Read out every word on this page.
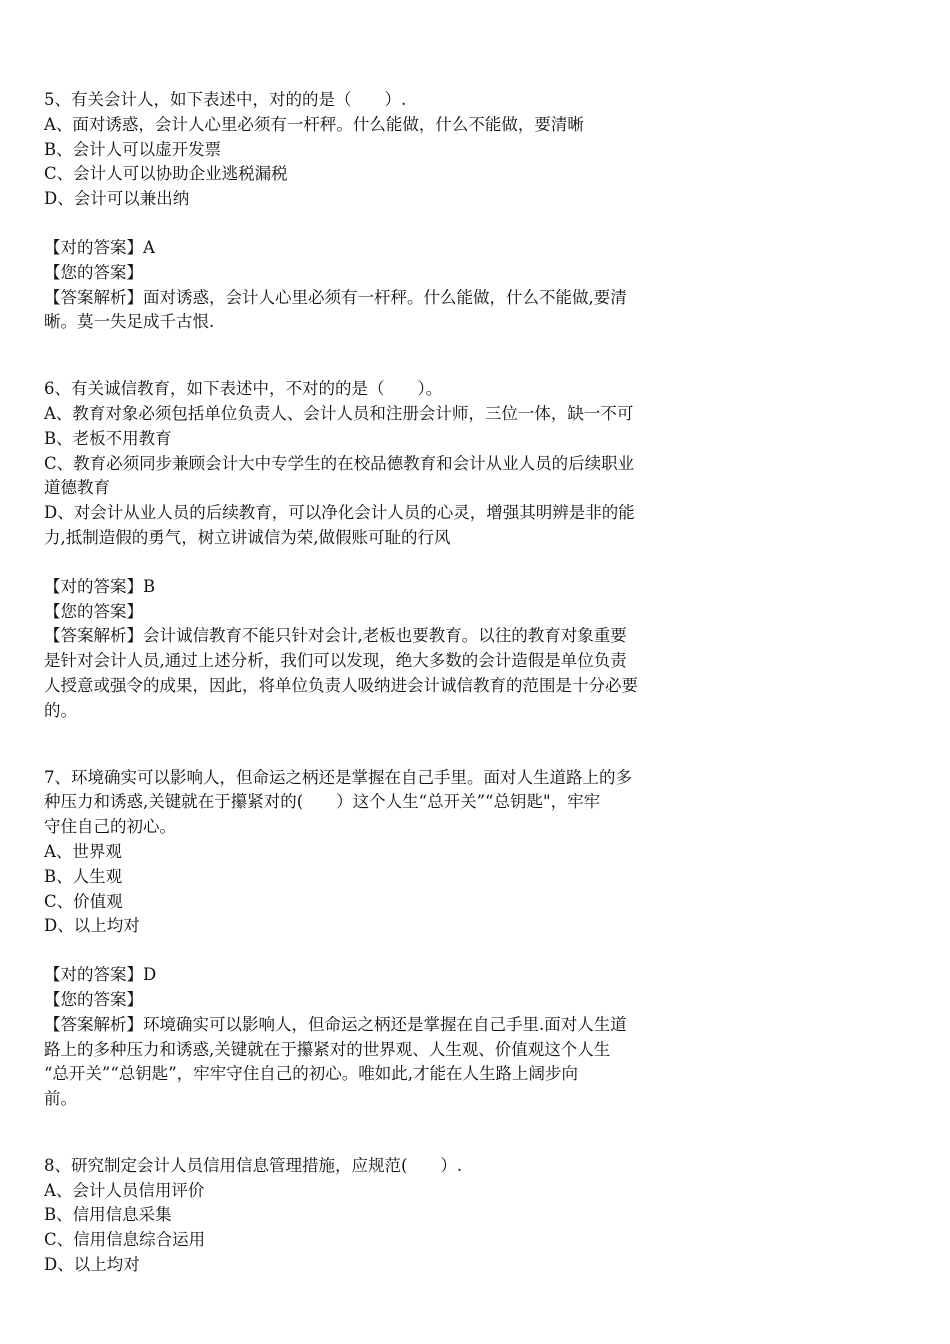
5、有关会计人，如下表述中，对的的是（　　）.

A、面对诱惑，会计人心里必须有一杆秤。什么能做，什么不能做，要清晰

B、会计人可以虚开发票

C、会计人可以协助企业逃税漏税

D、会计可以兼出纳

【对的答案】A

【您的答案】

【答案解析】面对诱惑，会计人心里必须有一杆秤。什么能做，什么不能做,要清

晰。莫一失足成千古恨.

6、有关诚信教育，如下表述中，不对的的是（　　）。

A、教育对象必须包括单位负责人、会计人员和注册会计师，三位一体，缺一不可

B、老板不用教育

C、教育必须同步兼顾会计大中专学生的在校品德教育和会计从业人员的后续职业

道德教育

D、对会计从业人员的后续教育，可以净化会计人员的心灵，增强其明辨是非的能

力,抵制造假的勇气，树立讲诚信为荣,做假账可耻的行风

【对的答案】B

【您的答案】

【答案解析】会计诚信教育不能只针对会计,老板也要教育。以往的教育对象重要

是针对会计人员,通过上述分析，我们可以发现，绝大多数的会计造假是单位负责

人授意或强令的成果，因此，将单位负责人吸纳进会计诚信教育的范围是十分必要

的。

7、环境确实可以影响人，但命运之柄还是掌握在自己手里。面对人生道路上的多

种压力和诱惑,关键就在于攥紧对的(　　）这个人生“总开关”“总钥匙"，牢牢

守住自己的初心。

A、世界观

B、人生观

C、价值观

D、以上均对

【对的答案】D

【您的答案】

【答案解析】环境确实可以影响人，但命运之柄还是掌握在自己手里.面对人生道

路上的多种压力和诱惑,关键就在于攥紧对的世界观、人生观、价值观这个人生

“总开关”“总钥匙”，牢牢守住自己的初心。唯如此,才能在人生路上阔步向

前。

8、研究制定会计人员信用信息管理措施，应规范(　　）.

A、会计人员信用评价

B、信用信息采集

C、信用信息综合运用

D、以上均对
